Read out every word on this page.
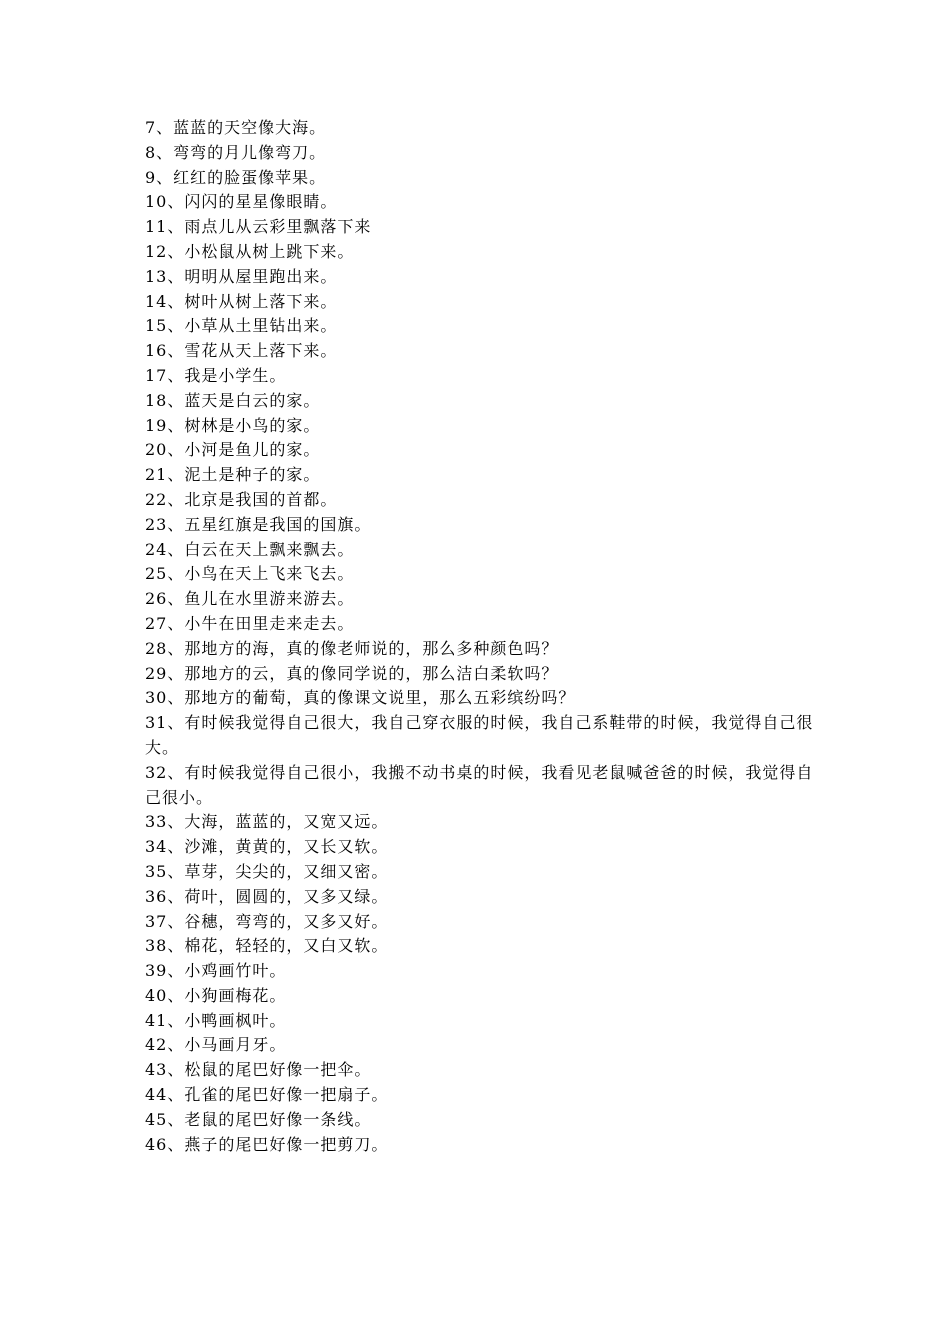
7、蓝蓝的天空像大海。
8、弯弯的月儿像弯刀。
9、红红的脸蛋像苹果。
10、闪闪的星星像眼睛。
11、雨点儿从云彩里飘落下来
12、小松鼠从树上跳下来。
13、明明从屋里跑出来。
14、树叶从树上落下来。
15、小草从土里钻出来。
16、雪花从天上落下来。
17、我是小学生。
18、蓝天是白云的家。
19、树林是小鸟的家。
20、小河是鱼儿的家。
21、泥土是种子的家。
22、北京是我国的首都。
23、五星红旗是我国的国旗。
24、白云在天上飘来飘去。
25、小鸟在天上飞来飞去。
26、鱼儿在水里游来游去。
27、小牛在田里走来走去。
28、那地方的海，真的像老师说的，那么多种颜色吗？
29、那地方的云，真的像同学说的，那么洁白柔软吗？
30、那地方的葡萄，真的像课文说里，那么五彩缤纷吗？
31、有时候我觉得自己很大，我自己穿衣服的时候，我自己系鞋带的时候，我觉得自己很大。
32、有时候我觉得自己很小，我搬不动书桌的时候，我看见老鼠喊爸爸的时候，我觉得自己很小。
33、大海，蓝蓝的，又宽又远。
34、沙滩，黄黄的，又长又软。
35、草芽，尖尖的，又细又密。
36、荷叶，圆圆的，又多又绿。
37、谷穗，弯弯的，又多又好。
38、棉花，轻轻的，又白又软。
39、小鸡画竹叶。
40、小狗画梅花。
41、小鸭画枫叶。
42、小马画月牙。
43、松鼠的尾巴好像一把伞。
44、孔雀的尾巴好像一把扇子。
45、老鼠的尾巴好像一条线。
46、燕子的尾巴好像一把剪刀。
